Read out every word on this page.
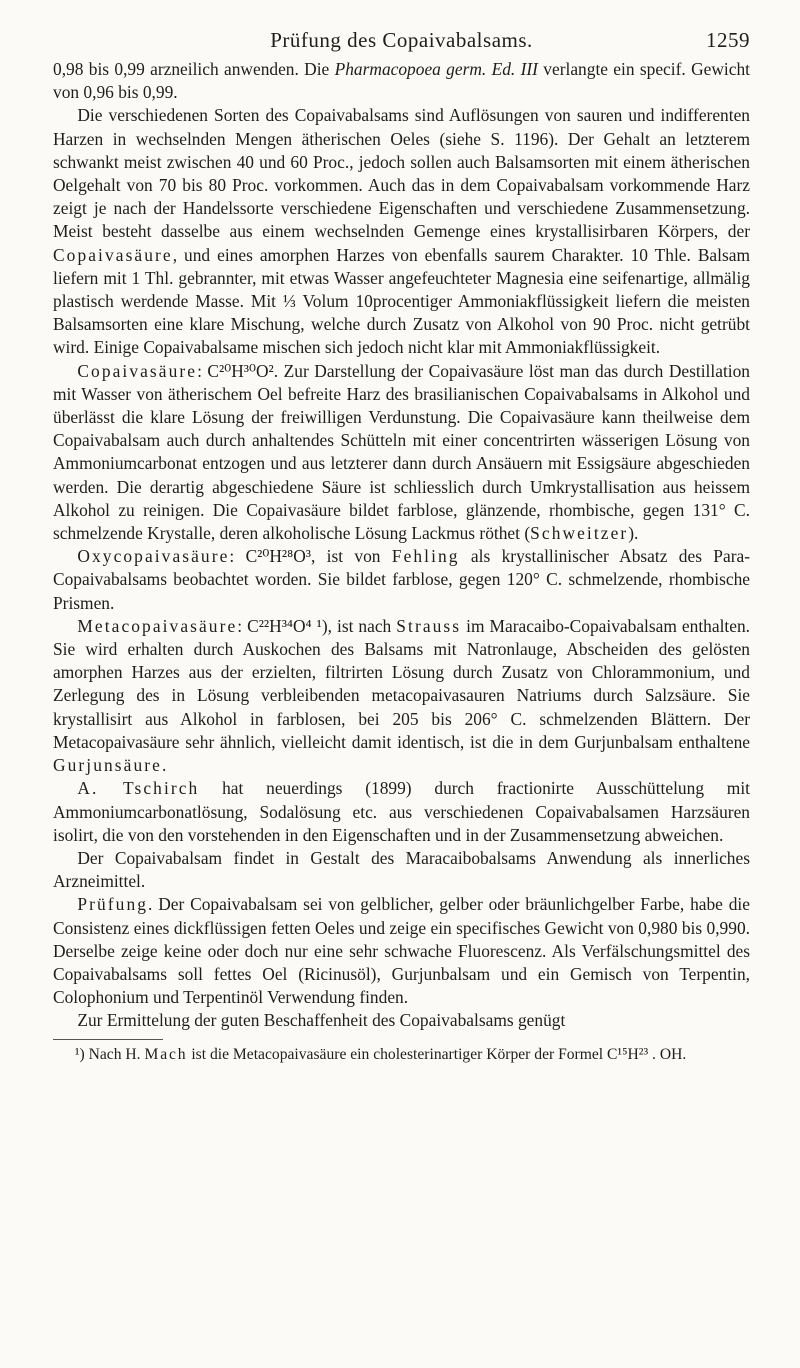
Prüfung des Copaivabalsams.	1259

0,98 bis 0,99 arzneilich anwenden. Die Pharmacopoea germ. Ed. III verlangte ein specif. Gewicht von 0,96 bis 0,99.

Die verschiedenen Sorten des Copaivabalsams sind Auflösungen von sauren und indifferenten Harzen in wechselnden Mengen ätherischen Oeles (siehe S. 1196). Der Gehalt an letzterem schwankt meist zwischen 40 und 60 Proc., jedoch sollen auch Balsamsorten mit einem ätherischen Oelgehalt von 70 bis 80 Proc. vorkommen. Auch das in dem Copaivabalsam vorkommende Harz zeigt je nach der Handelssorte verschiedene Eigenschaften und verschiedene Zusammensetzung. Meist besteht dasselbe aus einem wechselnden Gemenge eines krystallisirbaren Körpers, der Copaivasäure, und eines amorphen Harzes von ebenfalls saurem Charakter. 10 Thle. Balsam liefern mit 1 Thl. gebrannter, mit etwas Wasser angefeuchteter Magnesia eine seifenartige, allmälig plastisch werdende Masse. Mit ⅓ Volum 10procentiger Ammoniakflüssigkeit liefern die meisten Balsamsorten eine klare Mischung, welche durch Zusatz von Alkohol von 90 Proc. nicht getrübt wird. Einige Copaivabalsame mischen sich jedoch nicht klar mit Ammoniakflüssigkeit.

Copaivasäure: C²⁰H³⁰O². Zur Darstellung der Copaivasäure löst man das durch Destillation mit Wasser von ätherischem Oel befreite Harz des brasilianischen Copaivabalsams in Alkohol und überlässt die klare Lösung der freiwilligen Verdunstung. Die Copaivasäure kann theilweise dem Copaivabalsam auch durch anhaltendes Schütteln mit einer concentrirten wässerigen Lösung von Ammoniumcarbonat entzogen und aus letzterer dann durch Ansäuern mit Essigsäure abgeschieden werden. Die derartig abgeschiedene Säure ist schliesslich durch Umkrystallisation aus heissem Alkohol zu reinigen. Die Copaivasäure bildet farblose, glänzende, rhombische, gegen 131° C. schmelzende Krystalle, deren alkoholische Lösung Lackmus röthet (Schweitzer).

Oxycopaivasäure: C²⁰H²⁸O³, ist von Fehling als krystallinischer Absatz des Para-Copaivabalsams beobachtet worden. Sie bildet farblose, gegen 120° C. schmelzende, rhombische Prismen.

Metacopaivasäure: C²²H³⁴O⁴ ¹), ist nach Strauss im Maracaibo-Copaivabalsam enthalten. Sie wird erhalten durch Auskochen des Balsams mit Natronlauge, Abscheiden des gelösten amorphen Harzes aus der erzielten, filtrirten Lösung durch Zusatz von Chlorammonium, und Zerlegung des in Lösung verbleibenden metacopaivasauren Natriums durch Salzsäure. Sie krystallisirt aus Alkohol in farblosen, bei 205 bis 206° C. schmelzenden Blättern. Der Metacopaivasäure sehr ähnlich, vielleicht damit identisch, ist die in dem Gurjunbalsam enthaltene Gurjunsäure.

A. Tschirch hat neuerdings (1899) durch fractionirte Ausschüttelung mit Ammoniumcarbonatlösung, Sodalösung etc. aus verschiedenen Copaivabalsamen Harzsäuren isolirt, die von den vorstehenden in den Eigenschaften und in der Zusammensetzung abweichen.

Der Copaivabalsam findet in Gestalt des Maracaibobalsams Anwendung als innerliches Arzneimittel.

Prüfung. Der Copaivabalsam sei von gelblicher, gelber oder bräunlichgelber Farbe, habe die Consistenz eines dickflüssigen fetten Oeles und zeige ein specifisches Gewicht von 0,980 bis 0,990. Derselbe zeige keine oder doch nur eine sehr schwache Fluorescenz. Als Verfälschungsmittel des Copaivabalsams soll fettes Oel (Ricinusöl), Gurjunbalsam und ein Gemisch von Terpentin, Colophonium und Terpentinöl Verwendung finden.

Zur Ermittelung der guten Beschaffenheit des Copaivabalsams genügt

¹) Nach H. Mach ist die Metacopaivasäure ein cholesterinartiger Körper der Formel C¹⁵H²³ . OH.
